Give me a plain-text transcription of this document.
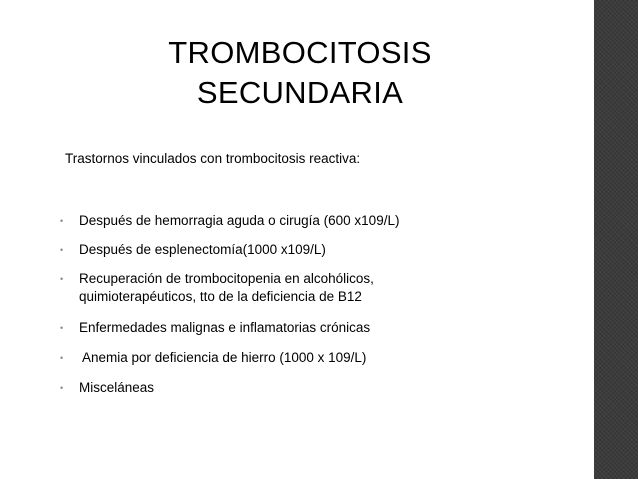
TROMBOCITOSIS
SECUNDARIA

Trastornos vinculados con trombocitosis reactiva:

• Después de hemorragia aguda o cirugía (600 x109/L)
• Después de esplenectomía(1000 x109/L)
• Recuperación de trombocitopenia en alcohólicos,
quimioterapéuticos, tto de la deficiencia de B12
• Enfermedades malignas e inflamatorias crónicas
• Anemia por deficiencia de hierro (1000 x 109/L)
• Misceláneas
